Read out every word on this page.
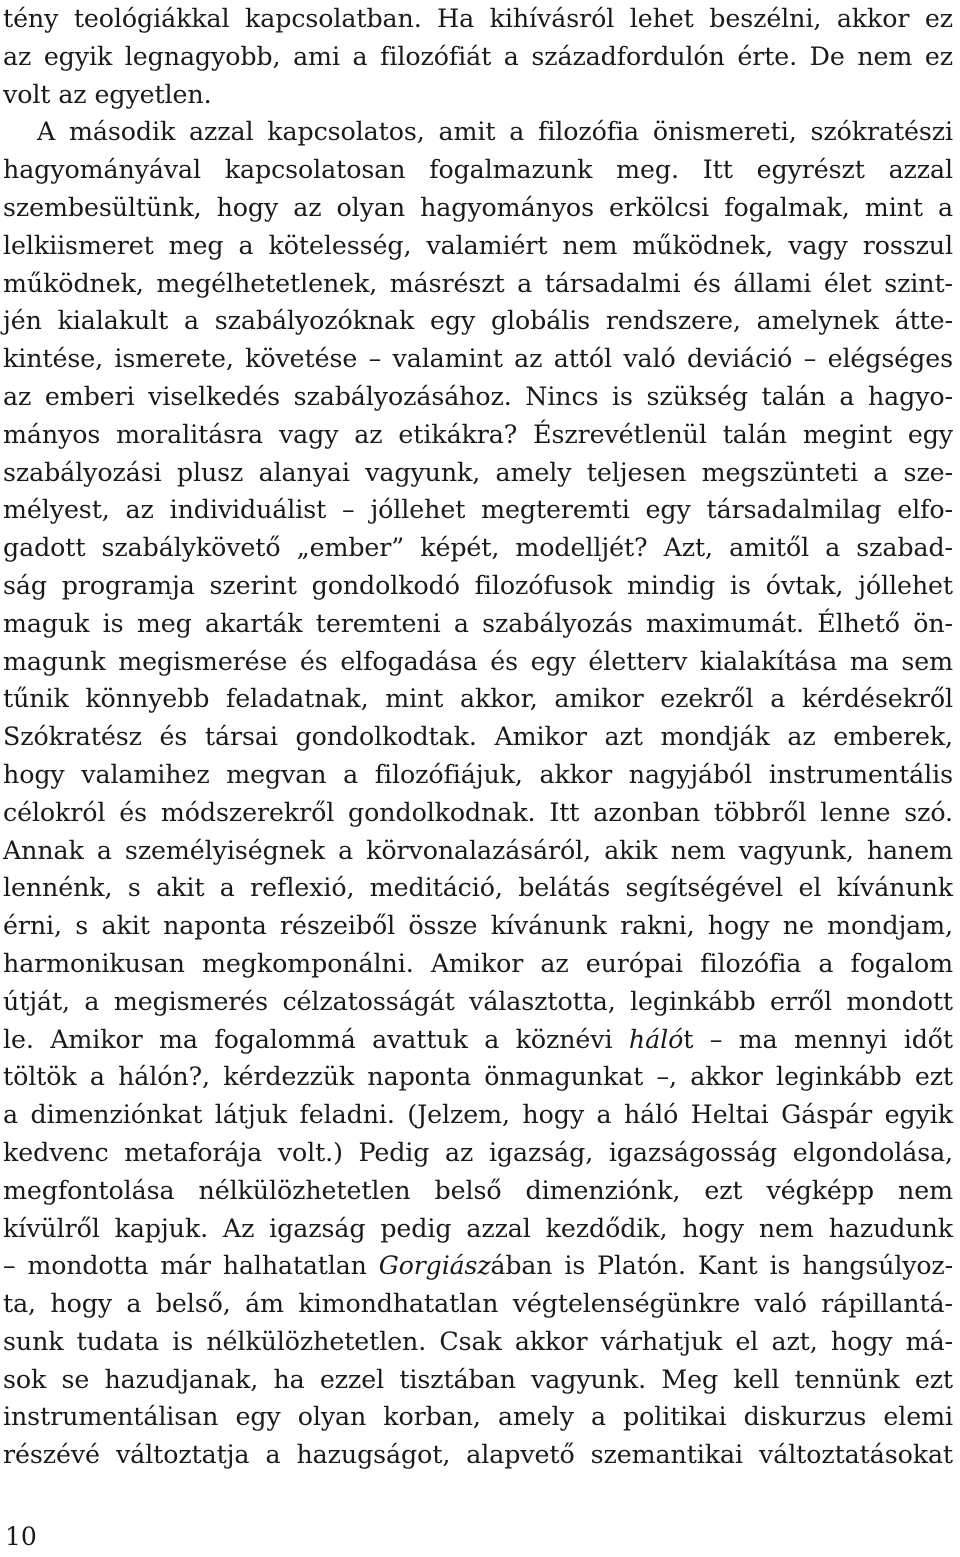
tény teológiákkal kapcsolatban. Ha kihívásról lehet beszélni, akkor ez
az egyik legnagyobb, ami a filozófiát a századfordulón érte. De nem ez
volt az egyetlen.
A második azzal kapcsolatos, amit a filozófia önismereti, szókratészi
hagyományával kapcsolatosan fogalmazunk meg. Itt egyrészt azzal
szembesültünk, hogy az olyan hagyományos erkölcsi fogalmak, mint a
lelkiismeret meg a kötelesség, valamiért nem működnek, vagy rosszul
működnek, megélhetetlenek, másrészt a társadalmi és állami élet szint-
jén kialakult a szabályozóknak egy globális rendszere, amelynek átte-
kintése, ismerete, követése – valamint az attól való deviáció – elégséges
az emberi viselkedés szabályozásához. Nincs is szükség talán a hagyo-
mányos moralitásra vagy az etikákra? Észrevétlenül talán megint egy
szabályozási plusz alanyai vagyunk, amely teljesen megszünteti a sze-
mélyest, az individuálist – jóllehet megteremti egy társadalmilag elfo-
gadott szabálykövető „ember” képét, modelljét? Azt, amitől a szabad-
ság programja szerint gondolkodó filozófusok mindig is óvtak, jóllehet
maguk is meg akarták teremteni a szabályozás maximumát. Élhető ön-
magunk megismerése és elfogadása és egy életterv kialakítása ma sem
tűnik könnyebb feladatnak, mint akkor, amikor ezekről a kérdésekről
Szókratész és társai gondolkodtak. Amikor azt mondják az emberek,
hogy valamihez megvan a filozófiájuk, akkor nagyjából instrumentális
célokról és módszerekről gondolkodnak. Itt azonban többről lenne szó.
Annak a személyiségnek a körvonalazásáról, akik nem vagyunk, hanem
lennénk, s akit a reflexió, meditáció, belátás segítségével el kívánunk
érni, s akit naponta részeiből össze kívánunk rakni, hogy ne mondjam,
harmonikusan megkomponálni. Amikor az európai filozófia a fogalom
útját, a megismerés célzatosságát választotta, leginkább erről mondott
le. Amikor ma fogalommá avattuk a köznévi hálót – ma mennyi időt
töltök a hálón?, kérdezzük naponta önmagunkat –, akkor leginkább ezt
a dimenziónkat látjuk feladni. (Jelzem, hogy a háló Heltai Gáspár egyik
kedvenc metaforája volt.) Pedig az igazság, igazságosság elgondolása,
megfontolása nélkülözhetetlen belső dimenziónk, ezt végképp nem
kívülről kapjuk. Az igazság pedig azzal kezdődik, hogy nem hazudunk
– mondotta már halhatatlan Gorgiászában is Platón. Kant is hangsúlyoz-
ta, hogy a belső, ám kimondhatatlan végtelenségünkre való rápillantá-
sunk tudata is nélkülözhetetlen. Csak akkor várhatjuk el azt, hogy má-
sok se hazudjanak, ha ezzel tisztában vagyunk. Meg kell tennünk ezt
instrumentálisan egy olyan korban, amely a politikai diskurzus elemi
részévé változtatja a hazugságot, alapvető szemantikai változtatásokat
10
